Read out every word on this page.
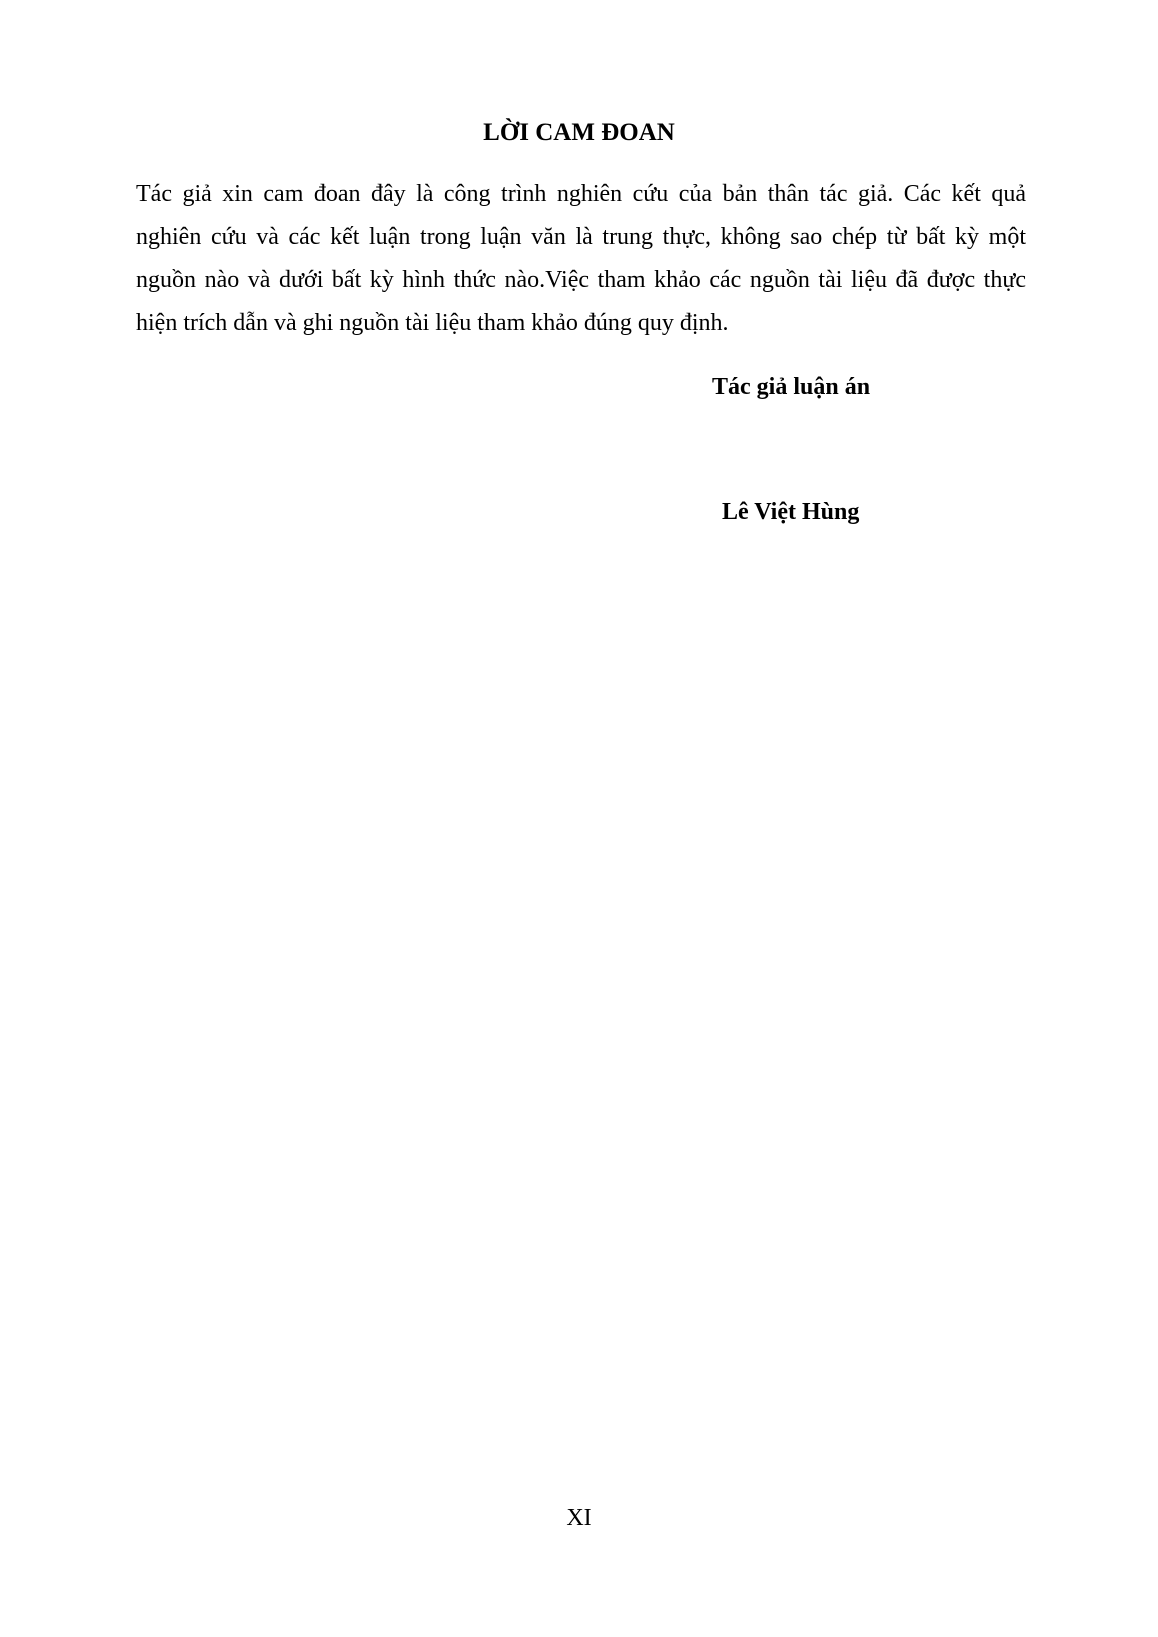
LỜI CAM ĐOAN

Tác giả xin cam đoan đây là công trình nghiên cứu của bản thân tác giả. Các kết quả
nghiên cứu và các kết luận trong luận văn là trung thực, không sao chép từ bất kỳ một
nguồn nào và dưới bất kỳ hình thức nào.Việc tham khảo các nguồn tài liệu đã được thực
hiện trích dẫn và ghi nguồn tài liệu tham khảo đúng quy định.

Tác giả luận án

Lê Việt Hùng

XI
